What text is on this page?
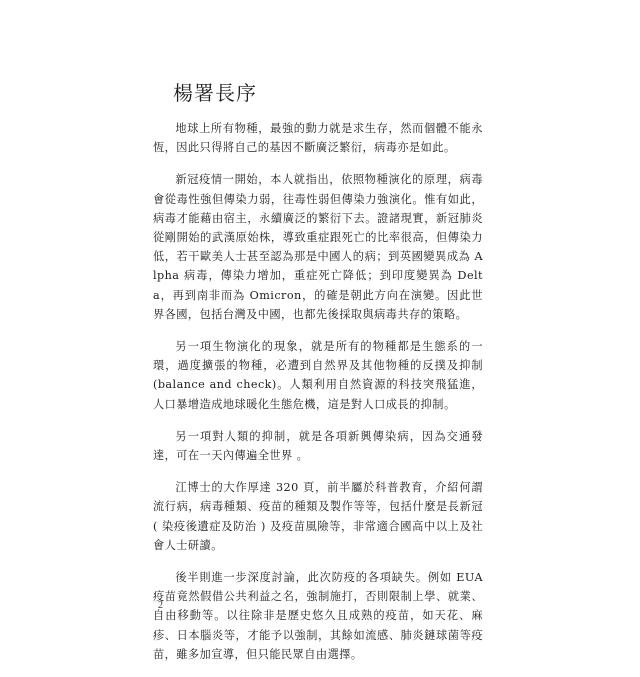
楊署長序

地球上所有物種，最強的動力就是求生存，然而個體不能永恆，因此只得將自己的基因不斷廣泛繁衍，病毒亦是如此。

新冠疫情一開始，本人就指出，依照物種演化的原理，病毒會從毒性強但傳染力弱，往毒性弱但傳染力強演化。惟有如此，病毒才能藉由宿主，永續廣泛的繁衍下去。證諸現實，新冠肺炎從剛開始的武漢原始株，導致重症跟死亡的比率很高，但傳染力低，若干歐美人士甚至認為那是中國人的病；到英國變異成為 Alpha 病毒，傳染力增加，重症死亡降低；到印度變異為 Delta，再到南非而為 Omicron，的確是朝此方向在演變。因此世界各國，包括台灣及中國，也都先後採取與病毒共存的策略。

另一項生物演化的現象，就是所有的物種都是生態系的一環，過度擴張的物種，必遭到自然界及其他物種的反撲及抑制 (balance and check)。人類利用自然資源的科技突飛猛進，人口暴增造成地球暖化生態危機，這是對人口成長的抑制。

另一項對人類的抑制，就是各項新興傳染病，因為交通發達，可在一天內傳遍全世界 。

江博士的大作厚達 320 頁，前半屬於科普教育，介紹何謂流行病，病毒種類、疫苗的種類及製作等等，包括什麼是長新冠 ( 染疫後遺症及防治 ) 及疫苗風險等，非常適合國高中以上及社會人士研讀。

後半則進一步深度討論，此次防疫的各項缺失。例如 EUA 疫苗竟然假借公共利益之名，強制施打，否則限制上學、就業、自由移動等。以往除非是歷史悠久且成熟的疫苗，如天花、麻疹、日本腦炎等，才能予以強制，其餘如流感、肺炎鏈球菌等疫苗，雖多加宣導，但只能民眾自由選擇。

2
